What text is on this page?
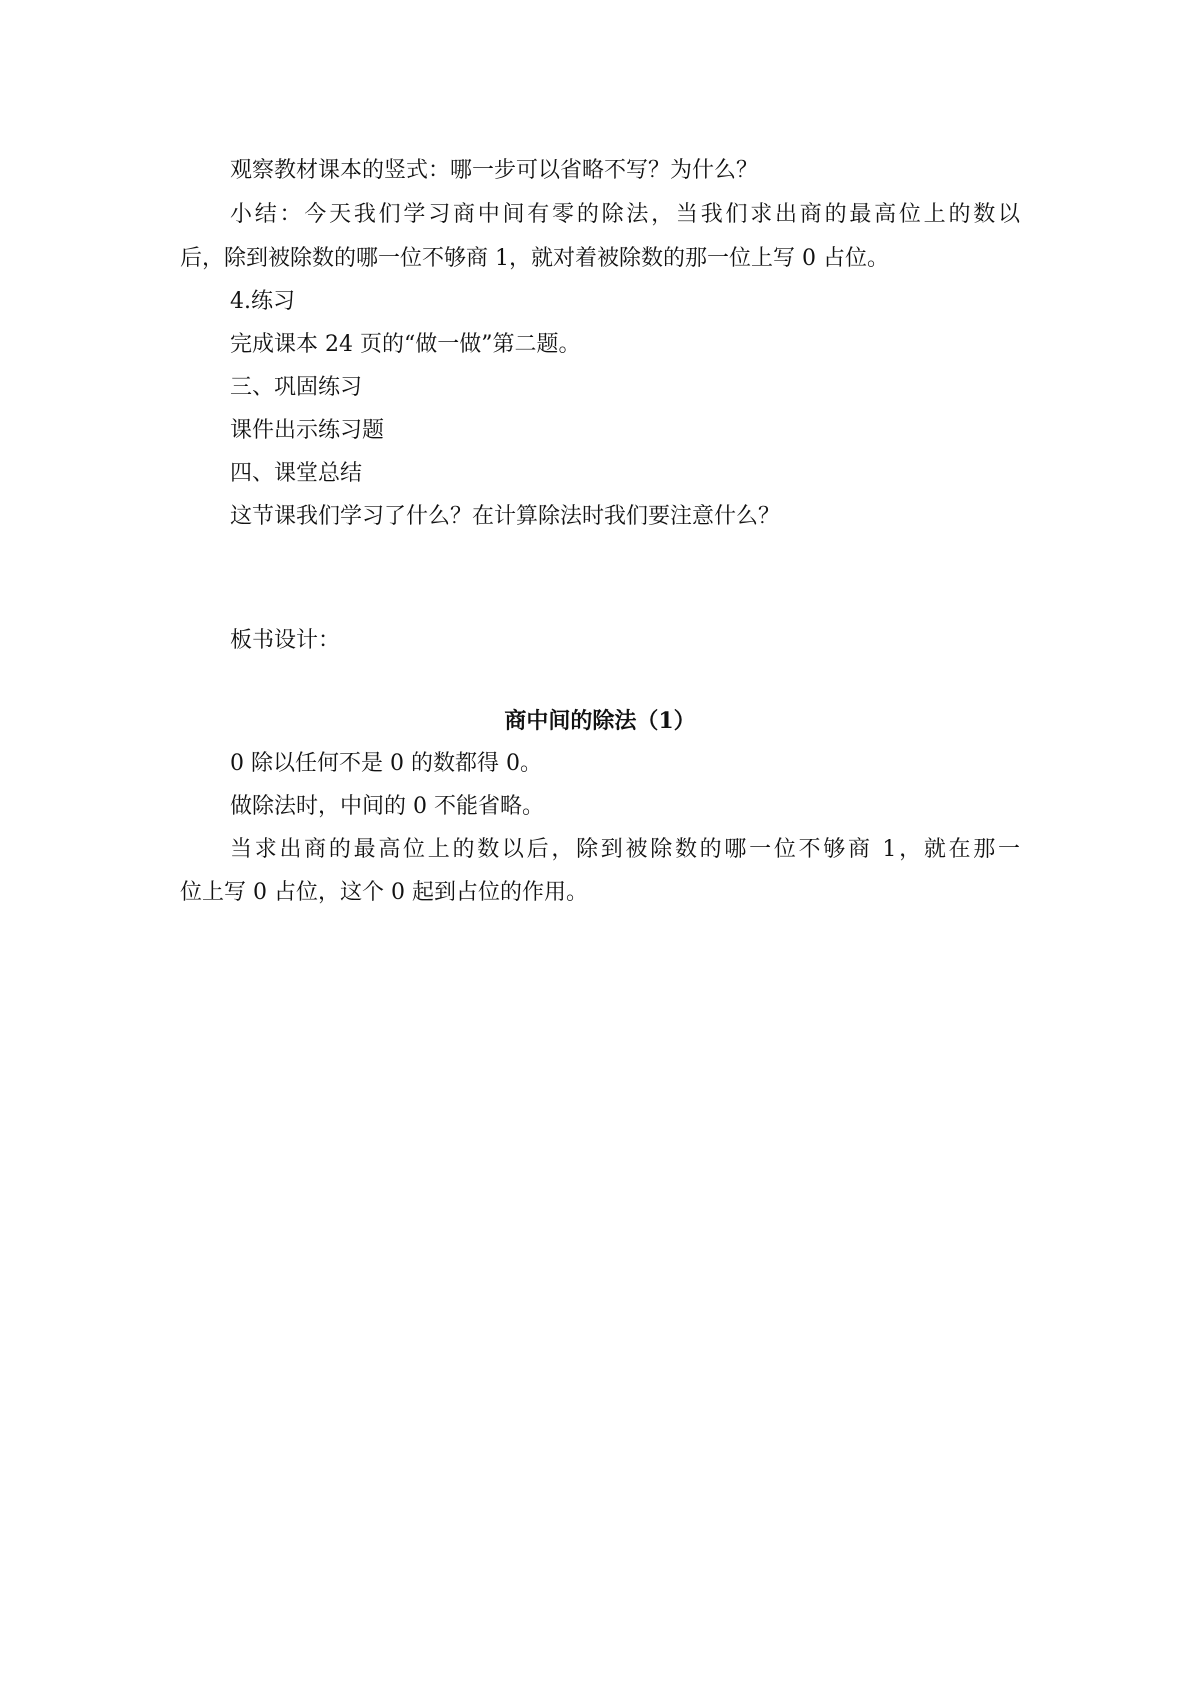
观察教材课本的竖式：哪一步可以省略不写？为什么？
小结：今天我们学习商中间有零的除法，当我们求出商的最高位上的数以
后，除到被除数的哪一位不够商 1，就对着被除数的那一位上写 0 占位。
4.练习
完成课本 24 页的“做一做”第二题。
三、巩固练习
课件出示练习题
四、课堂总结
这节课我们学习了什么？在计算除法时我们要注意什么？
板书设计：
商中间的除法（1）
0 除以任何不是 0 的数都得 0。
做除法时，中间的 0 不能省略。
当求出商的最高位上的数以后，除到被除数的哪一位不够商 1，就在那一
位上写 0 占位，这个 0 起到占位的作用。
